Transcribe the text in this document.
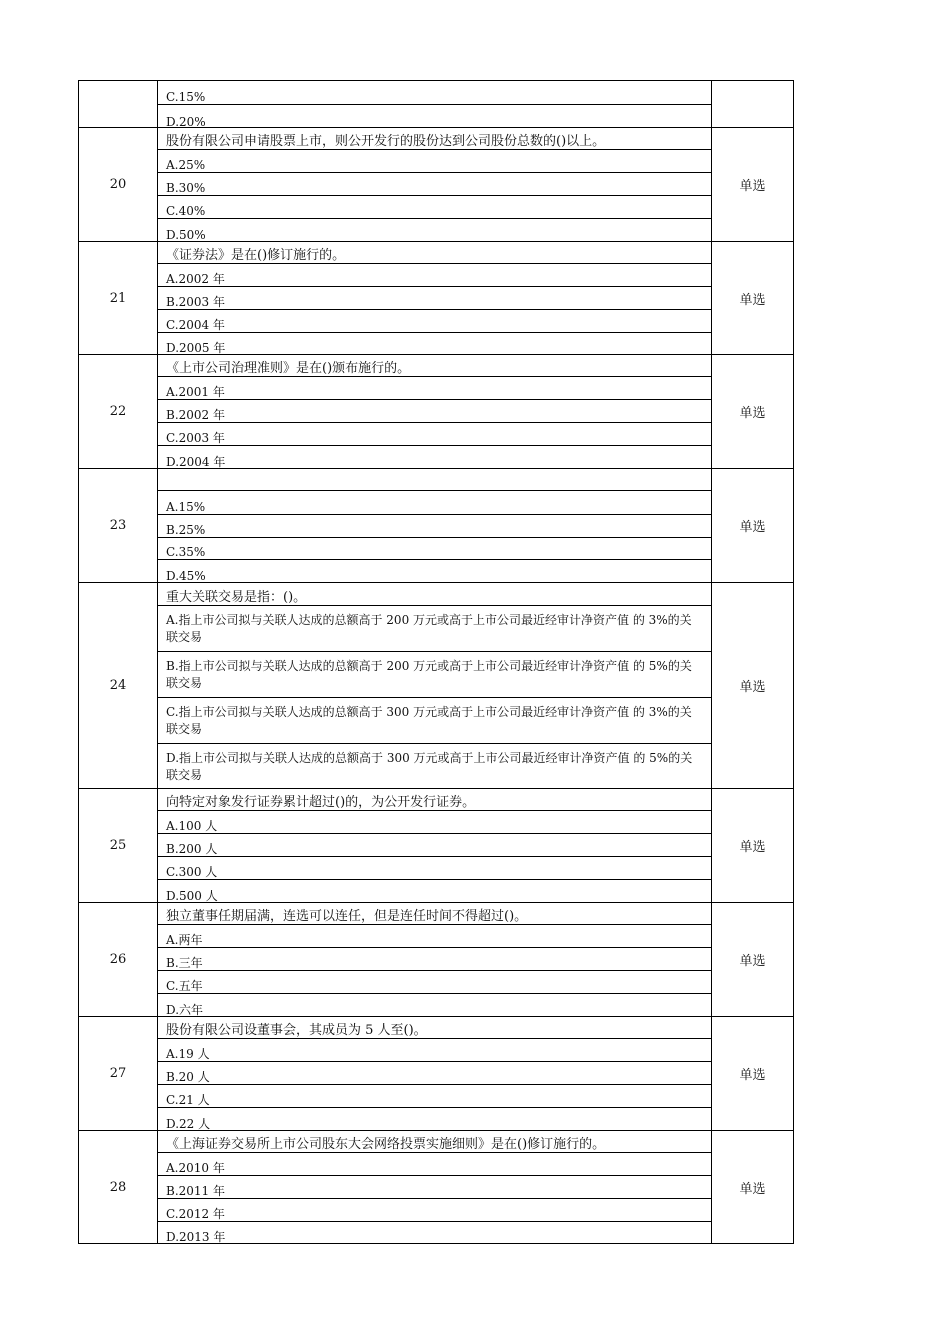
C.15%
D.20%
20
股份有限公司申请股票上市，则公开发行的股份达到公司股份总数的()以上。
A.25%
B.30%
C.40%
D.50%
单选
21
《证券法》是在()修订施行的。
A.2002 年
B.2003 年
C.2004 年
D.2005 年
单选
22
《上市公司治理准则》是在()颁布施行的。
A.2001 年
B.2002 年
C.2003 年
D.2004 年
单选
23
A.15%
B.25%
C.35%
D.45%
单选
24
重大关联交易是指：()。
A.指上市公司拟与关联人达成的总额高于 200 万元或高于上市公司最近经审计净资产值 的 3%的关联交易
B.指上市公司拟与关联人达成的总额高于 200 万元或高于上市公司最近经审计净资产值 的 5%的关联交易
C.指上市公司拟与关联人达成的总额高于 300 万元或高于上市公司最近经审计净资产值 的 3%的关联交易
D.指上市公司拟与关联人达成的总额高于 300 万元或高于上市公司最近经审计净资产值 的 5%的关联交易
单选
25
向特定对象发行证券累计超过()的，为公开发行证券。
A.100 人
B.200 人
C.300 人
D.500 人
单选
26
独立董事任期届满，连选可以连任，但是连任时间不得超过()。
A.两年
B.三年
C.五年
D.六年
单选
27
股份有限公司设董事会，其成员为 5 人至()。
A.19 人
B.20 人
C.21 人
D.22 人
单选
28
《上海证券交易所上市公司股东大会网络投票实施细则》是在()修订施行的。
A.2010 年
B.2011 年
C.2012 年
D.2013 年
单选
